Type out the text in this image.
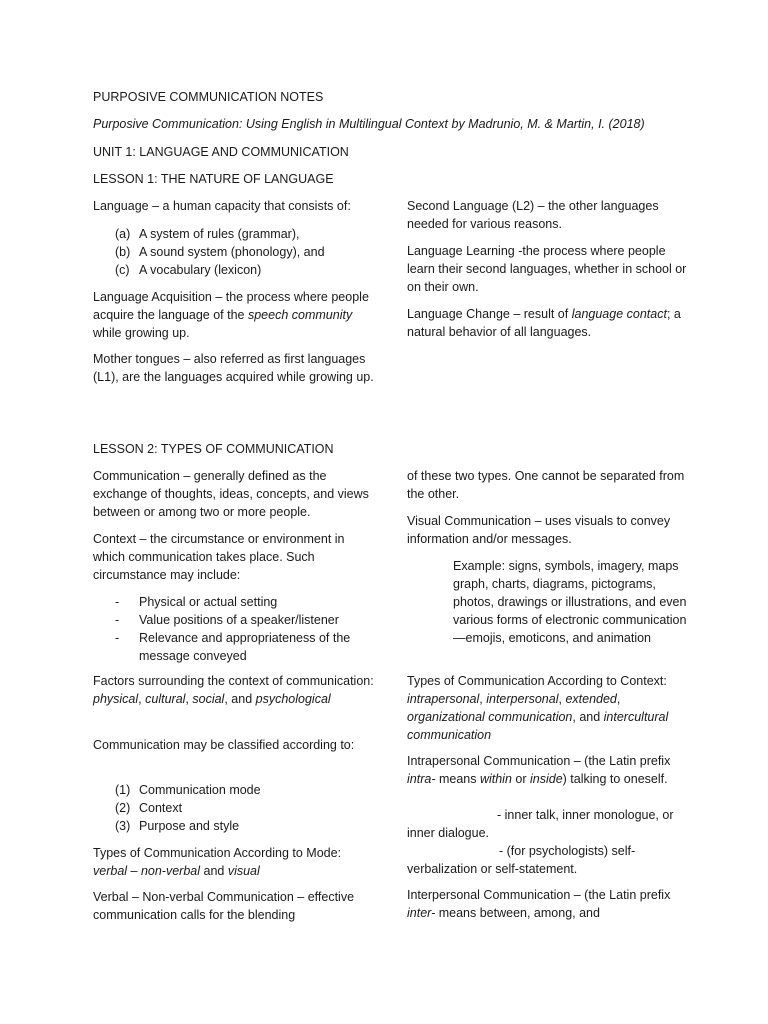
PURPOSIVE COMMUNICATION NOTES

Purposive Communication: Using English in Multilingual Context by Madrunio, M. & Martin, I. (2018)

UNIT 1: LANGUAGE AND COMMUNICATION

LESSON 1: THE NATURE OF LANGUAGE

Language – a human capacity that consists of:

(a) A system of rules (grammar),
(b) A sound system (phonology), and
(c) A vocabulary (lexicon)

Language Acquisition – the process where people acquire the language of the speech community while growing up.

Mother tongues – also referred as first languages (L1), are the languages acquired while growing up.

Second Language (L2) – the other languages needed for various reasons.

Language Learning -the process where people learn their second languages, whether in school or on their own.

Language Change – result of language contact; a natural behavior of all languages.

LESSON 2: TYPES OF COMMUNICATION

Communication – generally defined as the exchange of thoughts, ideas, concepts, and views between or among two or more people.

Context – the circumstance or environment in which communication takes place. Such circumstance may include:

- Physical or actual setting
- Value positions of a speaker/listener
- Relevance and appropriateness of the message conveyed

Factors surrounding the context of communication: physical, cultural, social, and psychological

Communication may be classified according to:

(1) Communication mode
(2) Context
(3) Purpose and style

Types of Communication According to Mode: verbal – non-verbal and visual

Verbal – Non-verbal Communication – effective communication calls for the blending

of these two types. One cannot be separated from the other.

Visual Communication – uses visuals to convey information and/or messages.

Example: signs, symbols, imagery, maps graph, charts, diagrams, pictograms, photos, drawings or illustrations, and even various forms of electronic communication—emojis, emoticons, and animation

Types of Communication According to Context: intrapersonal, interpersonal, extended, organizational communication, and intercultural communication

Intrapersonal Communication – (the Latin prefix intra- means within or inside) talking to oneself.

- inner talk, inner monologue, or inner dialogue.

- (for psychologists) self-verbalization or self-statement.

Interpersonal Communication – (the Latin prefix inter- means between, among, and
